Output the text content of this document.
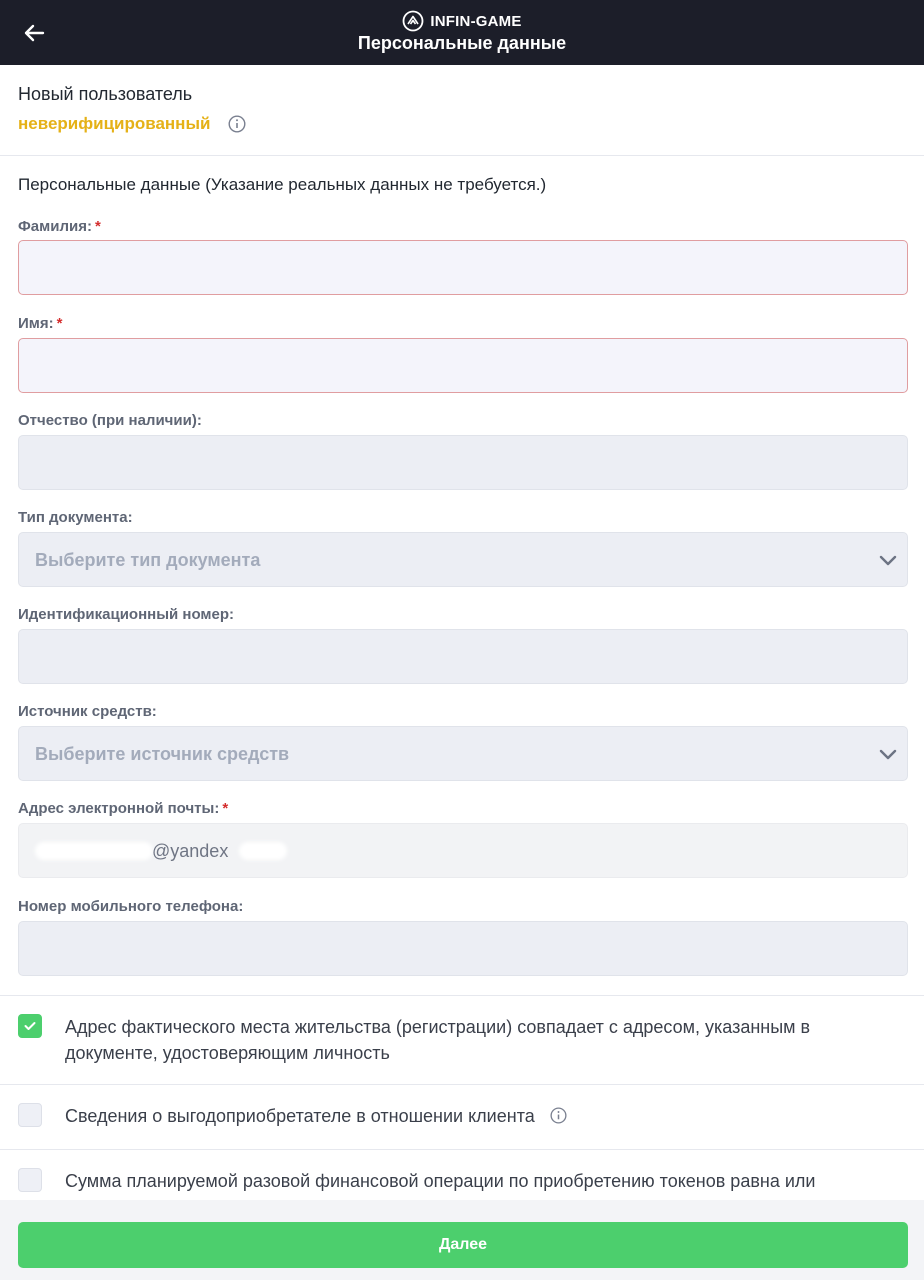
INFIN-GAME
Персональные данные
Новый пользователь
неверифицированный
Персональные данные (Указание реальных данных не требуется.)
Фамилия: *
Имя: *
Отчество (при наличии):
Тип документа:
Выберите тип документа
Идентификационный номер:
Источник средств:
Выберите источник средств
Адрес электронной почты: *
@yandex
Номер мобильного телефона:
Адрес фактического места жительства (регистрации) совпадает с адресом, указанным в документе, удостоверяющим личность
Сведения о выгодоприобретателе в отношении клиента
Сумма планируемой разовой финансовой операции по приобретению токенов равна или
Далее
